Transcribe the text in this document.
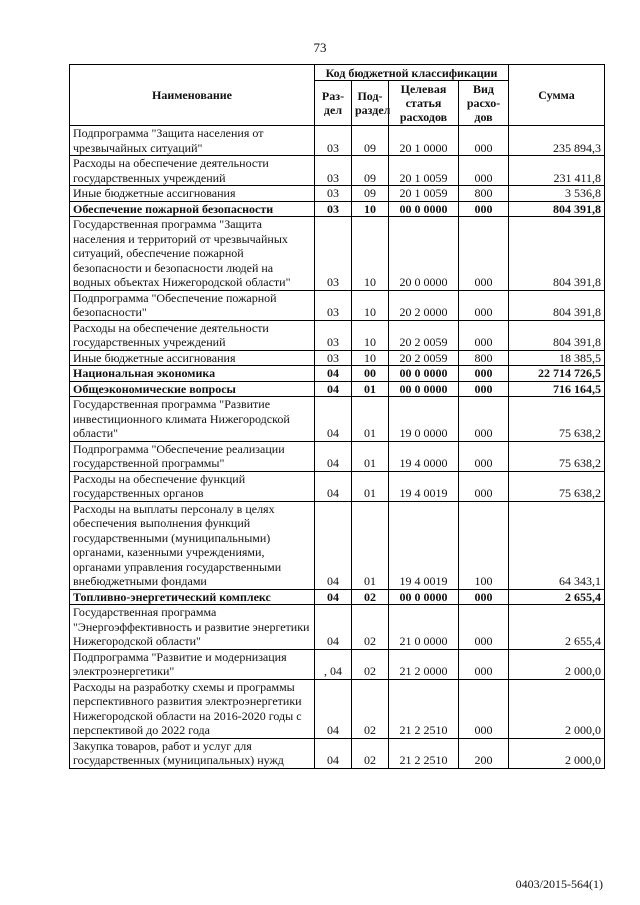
73
Наименование	Код бюджетной классификации				Сумма
	Раз-дел	Под-раздел	Целевая статья расходов	Вид расхо-дов	
Подпрограмма "Защита населения от чрезвычайных ситуаций"	03	09	20 1 0000	000	235 894,3
Расходы на обеспечение деятельности государственных учреждений	03	09	20 1 0059	000	231 411,8
Иные бюджетные ассигнования	03	09	20 1 0059	800	3 536,8
Обеспечение пожарной безопасности	03	10	00 0 0000	000	804 391,8
Государственная программа "Защита населения и территорий от чрезвычайных ситуаций, обеспечение пожарной безопасности и безопасности людей на водных объектах Нижегородской области"	03	10	20 0 0000	000	804 391,8
Подпрограмма "Обеспечение пожарной безопасности"	03	10	20 2 0000	000	804 391,8
Расходы на обеспечение деятельности государственных учреждений	03	10	20 2 0059	000	804 391,8
Иные бюджетные ассигнования	03	10	20 2 0059	800	18 385,5
Национальная экономика	04	00	00 0 0000	000	22 714 726,5
Общеэкономические вопросы	04	01	00 0 0000	000	716 164,5
Государственная программа "Развитие инвестиционного климата Нижегородской области"	04	01	19 0 0000	000	75 638,2
Подпрограмма "Обеспечение реализации государственной программы"	04	01	19 4 0000	000	75 638,2
Расходы на обеспечение функций государственных органов	04	01	19 4 0019	000	75 638,2
Расходы на выплаты персоналу в целях обеспечения выполнения функций государственными (муниципальными) органами, казенными учреждениями, органами управления государственными внебюджетными фондами	04	01	19 4 0019	100	64 343,1
Топливно-энергетический комплекс	04	02	00 0 0000	000	2 655,4
Государственная программа "Энергоэффективность и развитие энергетики Нижегородской области"	04	02	21 0 0000	000	2 655,4
Подпрограмма "Развитие и модернизация электроэнергетики"	, 04	02	21 2 0000	000	2 000,0
Расходы на разработку схемы и программы перспективного развития электроэнергетики Нижегородской области на 2016-2020 годы с перспективой до 2022 года	04	02	21 2 2510	000	2 000,0
Закупка товаров, работ и услуг для государственных (муниципальных) нужд	04	02	21 2 2510	200	2 000,0
0403/2015-564(1)
